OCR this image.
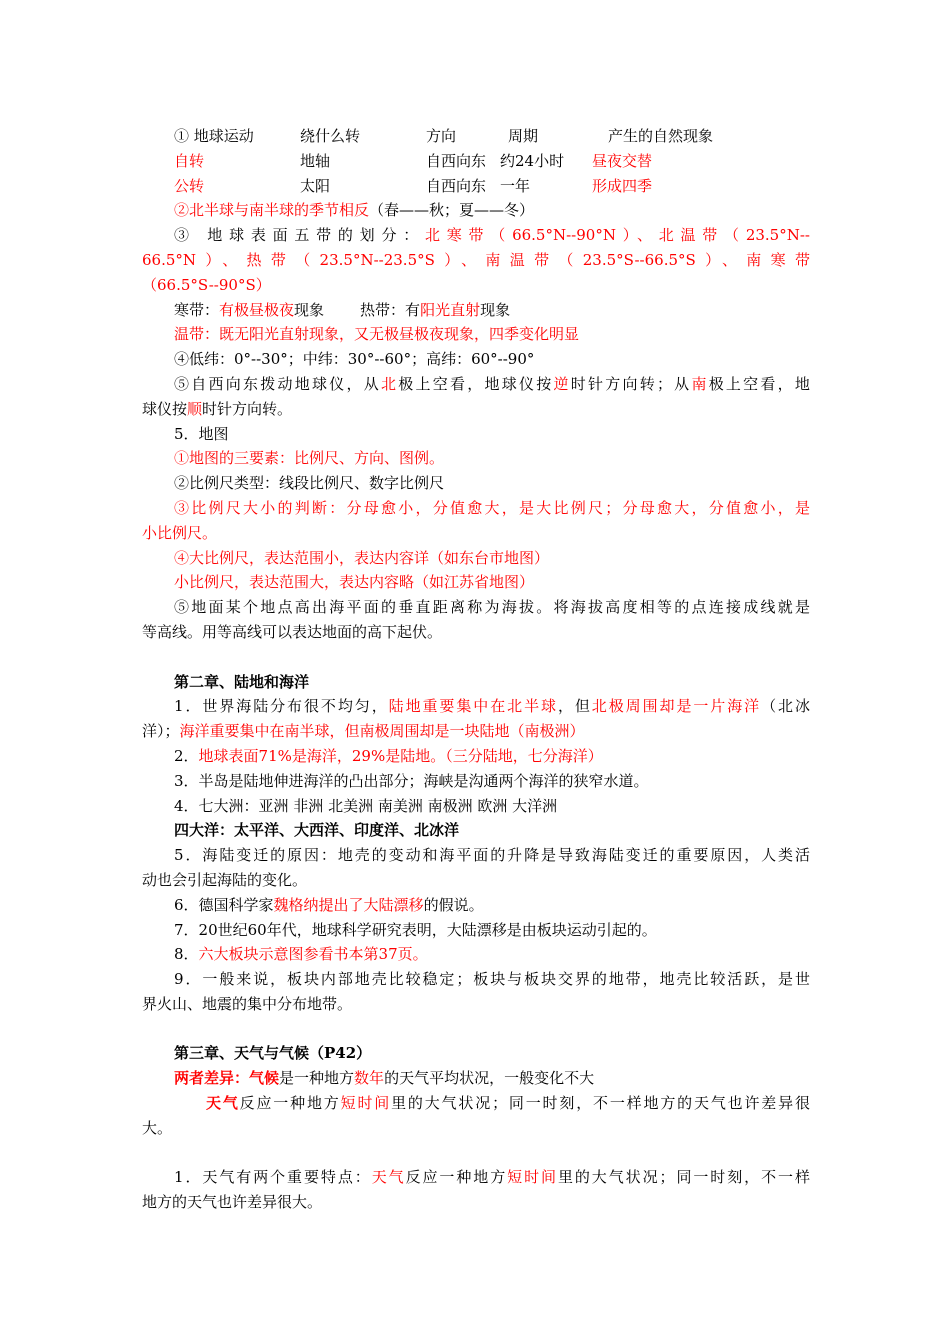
① 地球运动	绕什么转	方向	周期	产生的自然现象
自转	地轴	自西向东 约24小时 昼夜交替
公转	太阳	自西向东 一年	形成四季
②北半球与南半球的季节相反（春——秋；夏——冬）
③ 地球表面五带的划分：北寒带（66.5°N--90°N）、北温带（23.5°N--
66.5°N）、热带（23.5°N--23.5°S）、南温带（23.5°S--66.5°S）、南寒带
（66.5°S--90°S）
寒带：有极昼极夜现象 热带：有阳光直射现象
温带：既无阳光直射现象，又无极昼极夜现象，四季变化明显
④低纬：0°--30°；中纬：30°--60°；高纬：60°--90°
⑤自西向东拨动地球仪，从北极上空看，地球仪按逆时针方向转；从南极上空看，地
球仪按顺时针方向转。
5．地图
①地图的三要素：比例尺、方向、图例。
②比例尺类型：线段比例尺、数字比例尺
③比例尺大小的判断：分母愈小，分值愈大，是大比例尺；分母愈大，分值愈小，是
小比例尺。
④大比例尺，表达范围小，表达内容详（如东台市地图）
小比例尺，表达范围大，表达内容略（如江苏省地图）
⑤地面某个地点高出海平面的垂直距离称为海拔。将海拔高度相等的点连接成线就是
等高线。用等高线可以表达地面的高下起伏。
第二章、陆地和海洋
1．世界海陆分布很不均匀，陆地重要集中在北半球，但北极周围却是一片海洋（北冰
洋）；海洋重要集中在南半球，但南极周围却是一块陆地（南极洲）
2．地球表面71%是海洋，29%是陆地。（三分陆地，七分海洋）
3．半岛是陆地伸进海洋的凸出部分；海峡是沟通两个海洋的狭窄水道。
4．七大洲：亚洲 非洲 北美洲 南美洲 南极洲 欧洲 大洋洲
四大洋：太平洋、大西洋、印度洋、北冰洋
5．海陆变迁的原因：地壳的变动和海平面的升降是导致海陆变迁的重要原因，人类活
动也会引起海陆的变化。
6．德国科学家魏格纳提出了大陆漂移的假说。
7．20世纪60年代，地球科学研究表明，大陆漂移是由板块运动引起的。
8．六大板块示意图参看书本第37页。
9．一般来说，板块内部地壳比较稳定；板块与板块交界的地带，地壳比较活跃，是世
界火山、地震的集中分布地带。
第三章、天气与气候（P42）
两者差异：气候是一种地方数年的天气平均状况，一般变化不大
天气反应一种地方短时间里的大气状况；同一时刻，不一样地方的天气也许差异很
大。
1．天气有两个重要特点：天气反应一种地方短时间里的大气状况；同一时刻，不一样
地方的天气也许差异很大。
